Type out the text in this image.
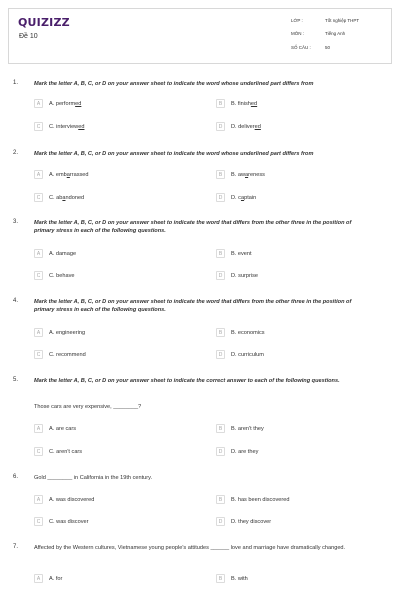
QUIZIZZ
Đề 10
LỚP :	Tốt nghiệp THPT
MÔN :	Tiếng Anh
SỐ CÂU :	50
1.	Mark the letter A, B, C, or D on your answer sheet to indicate the word whose underlined part differs from
A	A. performed	B	B. finished
C	C. interviewed	D	D. delivered
2.	Mark the letter A, B, C, or D on your answer sheet to indicate the word whose underlined part differs from
A	A. embarrassed	B	B. awareness
C	C. abandoned	D	D. captain
3.	Mark the letter A, B, C, or D on your answer sheet to indicate the word that differs from the other three in the position of primary stress in each of the following questions.
A	A. damage	B	B. event
C	C. behave	D	D. surprise
4.	Mark the letter A, B, C, or D on your answer sheet to indicate the word that differs from the other three in the position of primary stress in each of the following questions.
A	A. engineering	B	B. economics
C	C. recommend	D	D. curriculum
5.	Mark the letter A, B, C, or D on your answer sheet to indicate the correct answer to each of the following questions.
Those cars are very expensive, ________?
A	A. are cars	B	B. aren't they
C	C. aren't cars	D	D. are they
6.	Gold ________ in California in the 19th century.
A	A. was discovered	B	B. has been discovered
C	C. was discover	D	D. they discover
7.	Affected by the Western cultures, Vietnamese young people's attitudes ______ love and marriage have dramatically changed.
A	A. for	B	B. with
